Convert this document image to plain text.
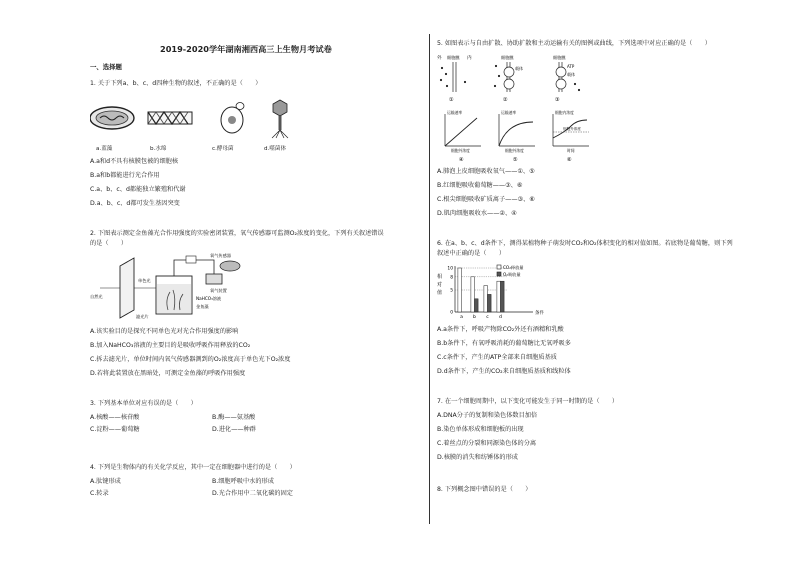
2019-2020学年湖南湘西高三上生物月考试卷
一、选择题
1. 关于下列a、b、c、d四种生物的叙述，不正确的是（　　）
a.蓝藻	b.水绵	c.酵母菌	d.噬菌体
A.a和d不具有核膜包被的细胞核
B.a和b都能进行光合作用
C.a、b、c、d都能独立繁殖和代谢
D.a、b、c、d都可发生基因突变
2. 下图表示测定金鱼藻光合作用强度的实验密闭装置，氧气传感器可监测O₂浓度的变化，下列有关叙述错误
的是（　　）
氧气传感器
氧气装置
NaHCO₃溶液
金鱼藻
自然光
单色光
滤光片
A.该实验目的是探究不同单色光对光合作用强度的影响
B.加入NaHCO₃溶液的主要目的是吸收呼吸作用释放的CO₂
C.拆去滤光片，单位时间内氧气传感器测到的O₂浓度高于单色光下O₂浓度
D.若将此装置放在黑暗处，可测定金鱼藻的呼吸作用强度
3. 下列基本单位对应有误的是（　　）
A.核酸——核苷酸	B.酶——氨基酸
C.淀粉——葡萄糖	D.进化——种群
4. 下列是生物体内的有关化学反应，其中一定在细胞器中进行的是（　　）
A.肽键形成	B.细胞呼吸中水的形成
C.转录	D.光合作用中二氧化碳的固定
5. 如图表示与自由扩散、协助扩散和主动运输有关的图例或曲线，下列选项中对应正确的是（　　）
外 细胞膜 内
①
细胞膜
载体
②
细胞膜
ATP
载体
③
运输速率
细胞外浓度
④
运输速率
细胞外浓度
⑤
细胞内浓度
细胞外浓度
时间
⑥
A.肺泡上皮细胞吸收氧气——①、⑤
B.红细胞吸收葡萄糖——③、⑥
C.根尖细胞吸收矿质离子——③、⑥
D.肌肉细胞吸收水——②、④
6. 在a、b、c、d条件下，测得某植物种子萌发时CO₂和O₂体积变化的相对值如图。若底物是葡萄糖，则下列
叙述中正确的是（　　）
相
对
值
0
5
8
10
a b c d
CO₂释放量
O₂吸收量
条件
A.a条件下，呼吸产物除CO₂外还有酒精和乳酸
B.b条件下，有氧呼吸消耗的葡萄糖比无氧呼吸多
C.c条件下，产生的ATP全部来自细胞质基质
D.d条件下，产生的CO₂来自细胞质基质和线粒体
7. 在一个细胞周期中，以下变化可能发生于同一时期的是（　　）
A.DNA分子的复制和染色体数目加倍
B.染色单体形成和细胞板的出现
C.着丝点的分裂和同源染色体的分离
D.核膜的消失和纺锤体的形成
8. 下列概念图中错误的是（　　）
